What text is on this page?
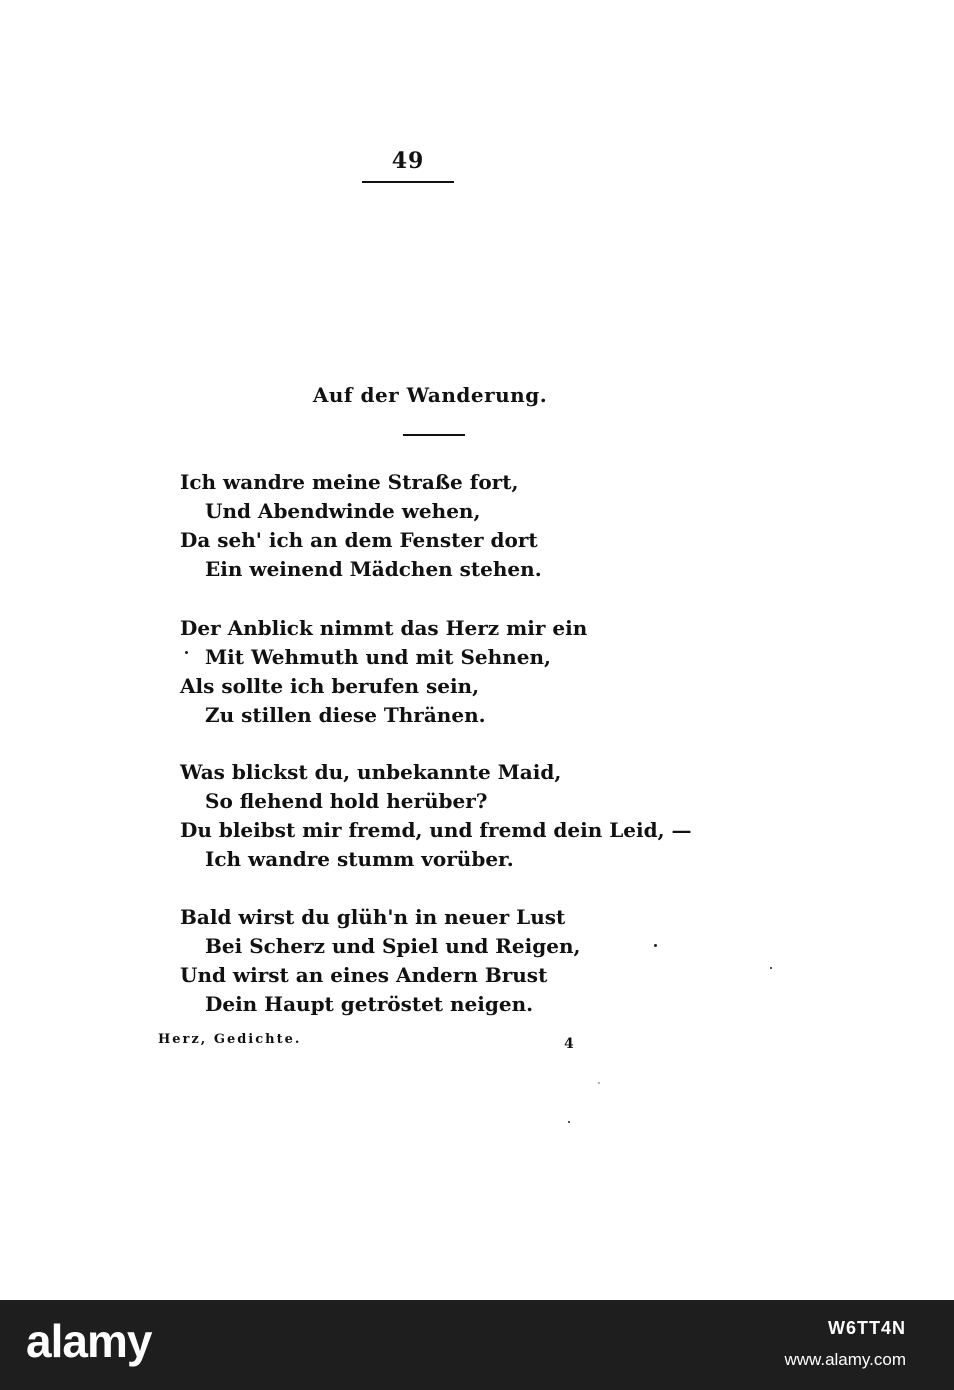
49
Auf der Wanderung.
Ich wandre meine Straße fort,
Und Abendwinde wehen,
Da seh' ich an dem Fenster dort
Ein weinend Mädchen stehen.
Der Anblick nimmt das Herz mir ein
Mit Wehmuth und mit Sehnen,
Als sollte ich berufen sein,
Zu stillen diese Thränen.
Was blickst du, unbekannte Maid,
So flehend hold herüber?
Du bleibst mir fremd, und fremd dein Leid, —
Ich wandre stumm vorüber.
Bald wirst du glüh'n in neuer Lust
Bei Scherz und Spiel und Reigen,
Und wirst an eines Andern Brust
Dein Haupt getröstet neigen.
Herz, Gedichte.	4
alamy	W6TT4N
www.alamy.com
